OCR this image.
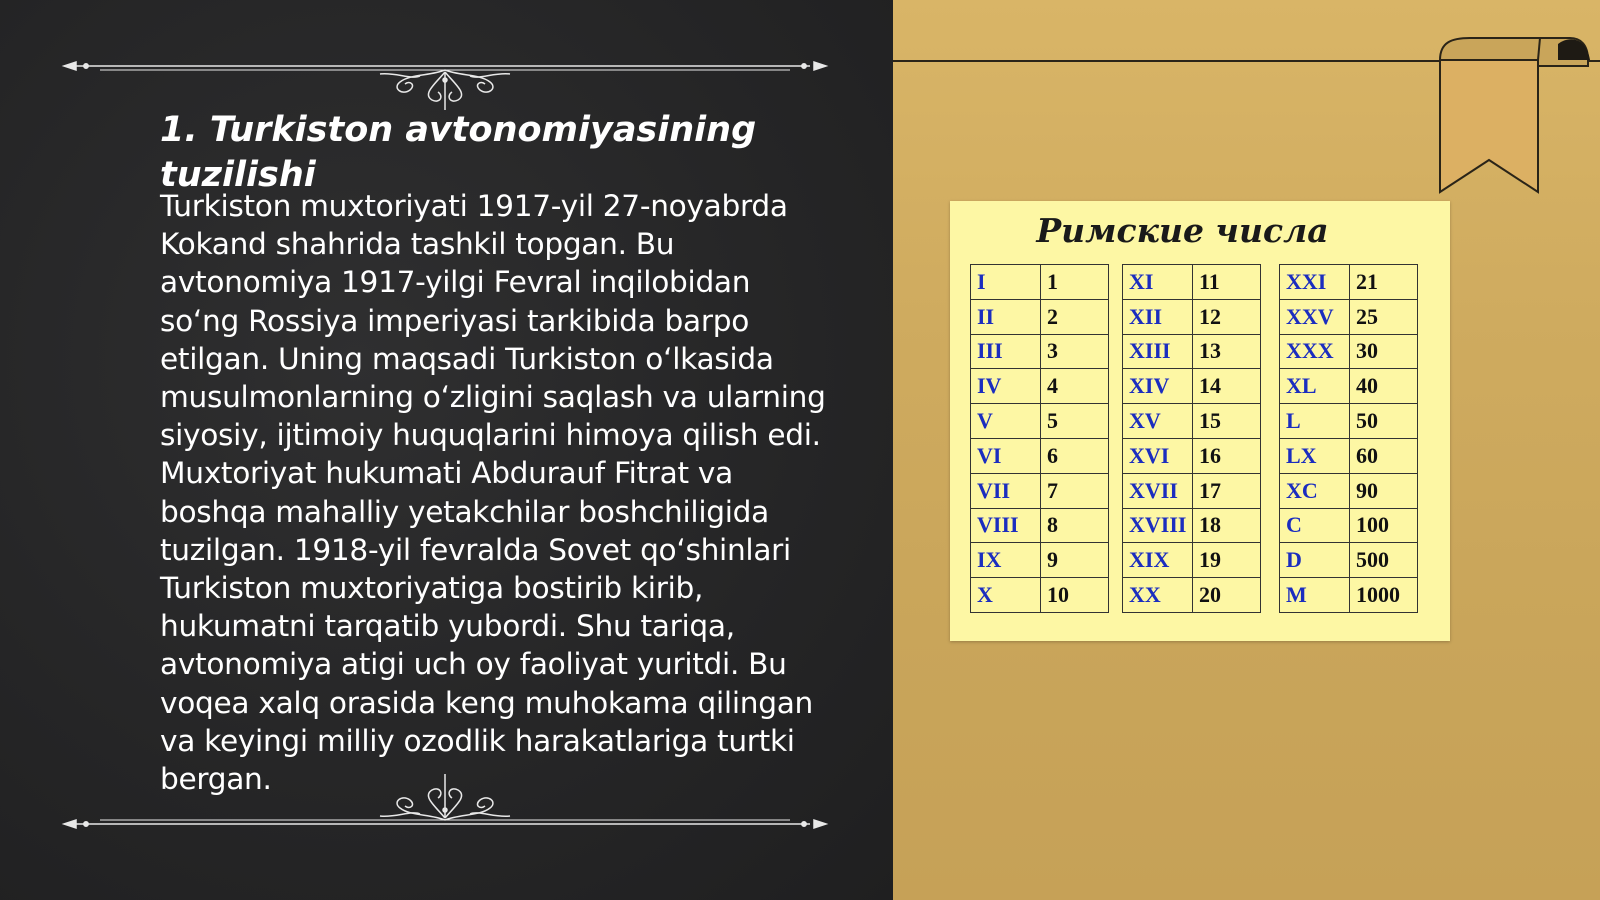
1. Turkiston avtonomiyasining tuzilishi

Turkiston muxtoriyati 1917-yil 27-noyabrda Kokand shahrida tashkil topgan. Bu avtonomiya 1917-yilgi Fevral inqilobidan so‘ng Rossiya imperiyasi tarkibida barpo etilgan. Uning maqsadi Turkiston o‘lkasida musulmonlarning o‘zligini saqlash va ularning siyosiy, ijtimoiy huquqlarini himoya qilish edi. Muxtoriyat hukumati Abdurauf Fitrat va boshqa mahalliy yetakchilar boshchiligida tuzilgan. 1918-yil fevralda Sovet qo‘shinlari Turkiston muxtoriyatiga bostirib kirib, hukumatni tarqatib yubordi. Shu tariqa, avtonomiya atigi uch oy faoliyat yuritdi. Bu voqea xalq orasida keng muhokama qilingan va keyingi milliy ozodlik harakatlariga turtki bergan.

Римские числа
I	1		XI	11		XXI	21
II	2		XII	12		XXV	25
III	3		XIII	13		XXX	30
IV	4		XIV	14		XL	40
V	5		XV	15		L	50
VI	6		XVI	16		LX	60
VII	7		XVII	17		XC	90
VIII	8		XVIII	18		C	100
IX	9		XIX	19		D	500
X	10		XX	20		M	1000
